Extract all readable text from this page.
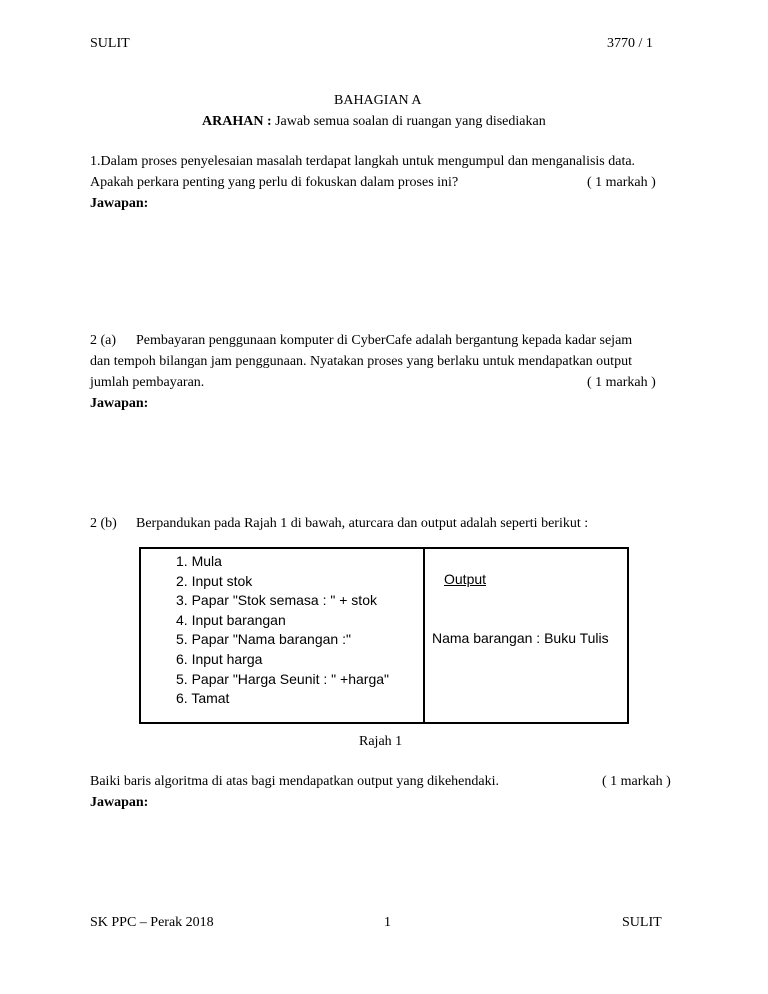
SULIT	3770 / 1
BAHAGIAN A
ARAHAN : Jawab semua soalan di ruangan yang disediakan
1.Dalam proses penyelesaian masalah terdapat langkah untuk mengumpul dan menganalisis data.
Apakah perkara penting yang perlu di fokuskan dalam proses ini?	( 1 markah )
Jawapan:
2 (a) Pembayaran penggunaan komputer di CyberCafe adalah bergantung kepada kadar sejam
dan tempoh bilangan jam penggunaan. Nyatakan proses yang berlaku untuk mendapatkan output
jumlah pembayaran.	( 1 markah )
Jawapan:
2 (b) Berpandukan pada Rajah 1 di bawah, aturcara dan output adalah seperti berikut :
1. Mula
2. Input stok
3. Papar "Stok semasa : " + stok
4. Input barangan
5. Papar "Nama barangan :"
6. Input harga
5. Papar "Harga Seunit : " +harga"
6. Tamat
Output
Nama barangan : Buku Tulis
Rajah 1
Baiki baris algoritma di atas bagi mendapatkan output yang dikehendaki.	( 1 markah )
Jawapan:
SK PPC – Perak 2018	1	SULIT
